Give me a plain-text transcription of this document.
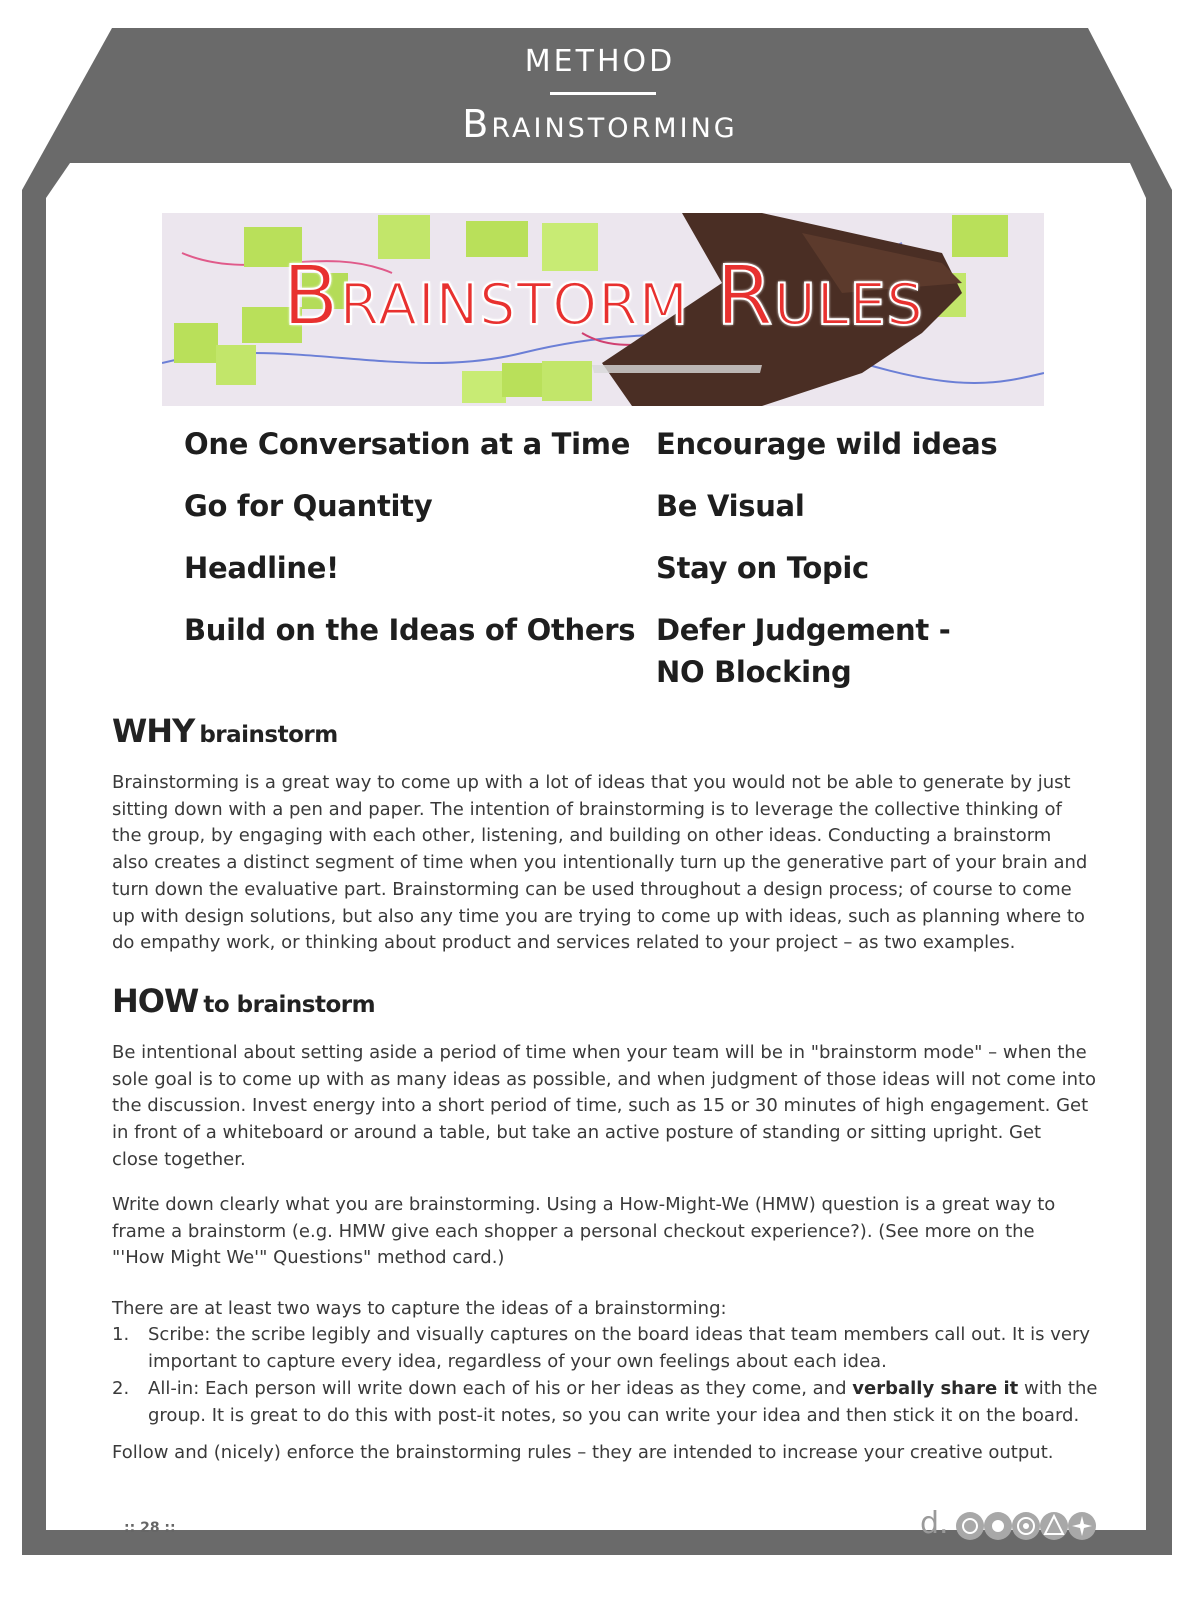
METHOD
Brainstorming
Brainstorm Rules
One Conversation at a Time
Go for Quantity
Headline!
Build on the Ideas of Others
Encourage wild ideas
Be Visual
Stay on Topic
Defer Judgement -
NO Blocking
WHY brainstorm
Brainstorming is a great way to come up with a lot of ideas that you would not be able to generate by just
sitting down with a pen and paper. The intention of brainstorming is to leverage the collective thinking of
the group, by engaging with each other, listening, and building on other ideas. Conducting a brainstorm
also creates a distinct segment of time when you intentionally turn up the generative part of your brain and
turn down the evaluative part. Brainstorming can be used throughout a design process; of course to come
up with design solutions, but also any time you are trying to come up with ideas, such as planning where to
do empathy work, or thinking about product and services related to your project – as two examples.
HOW to brainstorm
Be intentional about setting aside a period of time when your team will be in "brainstorm mode" – when the
sole goal is to come up with as many ideas as possible, and when judgment of those ideas will not come into
the discussion. Invest energy into a short period of time, such as 15 or 30 minutes of high engagement. Get
in front of a whiteboard or around a table, but take an active posture of standing or sitting upright. Get
close together.
Write down clearly what you are brainstorming. Using a How-Might-We (HMW) question is a great way to
frame a brainstorm (e.g. HMW give each shopper a personal checkout experience?). (See more on the
"'How Might We'" Questions" method card.)
There are at least two ways to capture the ideas of a brainstorming:
1. Scribe: the scribe legibly and visually captures on the board ideas that team members call out. It is very
important to capture every idea, regardless of your own feelings about each idea.
2. All-in: Each person will write down each of his or her ideas as they come, and verbally share it with the
group. It is great to do this with post-it notes, so you can write your idea and then stick it on the board.
Follow and (nicely) enforce the brainstorming rules – they are intended to increase your creative output.
:: 28 ::	d.
